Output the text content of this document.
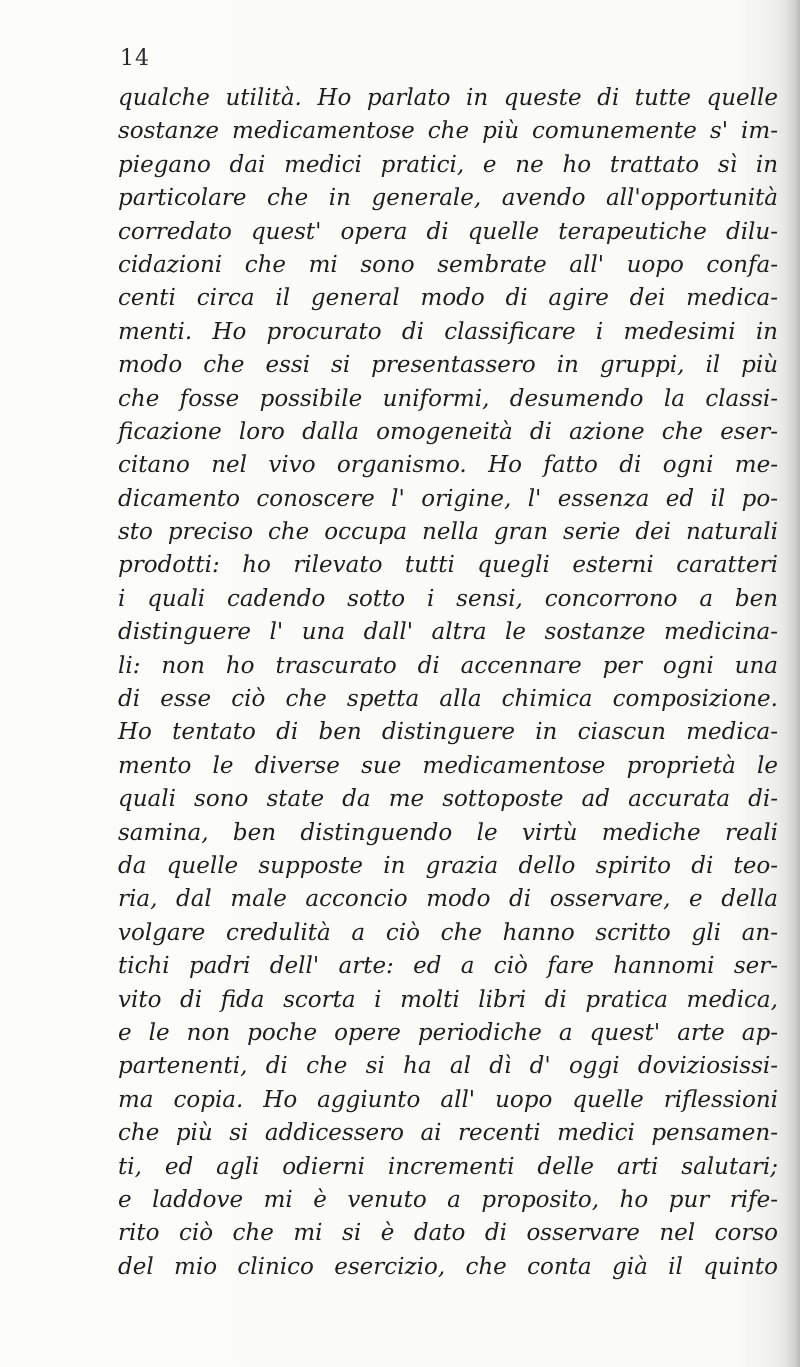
14
qualche utilità. Ho parlato in queste di tutte quelle
sostanze medicamentose che più comunemente s' im-
piegano dai medici pratici, e ne ho trattato sì in
particolare che in generale, avendo all'opportunità
corredato quest' opera di quelle terapeutiche dilu-
cidazioni che mi sono sembrate all' uopo confa-
centi circa il general modo di agire dei medica-
menti. Ho procurato di classificare i medesimi in
modo che essi si presentassero in gruppi, il più
che fosse possibile uniformi, desumendo la classi-
ficazione loro dalla omogeneità di azione che eser-
citano nel vivo organismo. Ho fatto di ogni me-
dicamento conoscere l' origine, l' essenza ed il po-
sto preciso che occupa nella gran serie dei naturali
prodotti: ho rilevato tutti quegli esterni caratteri
i quali cadendo sotto i sensi, concorrono a ben
distinguere l' una dall' altra le sostanze medicina-
li: non ho trascurato di accennare per ogni una
di esse ciò che spetta alla chimica composizione.
Ho tentato di ben distinguere in ciascun medica-
mento le diverse sue medicamentose proprietà le
quali sono state da me sottoposte ad accurata di-
samina, ben distinguendo le virtù mediche reali
da quelle supposte in grazia dello spirito di teo-
ria, dal male acconcio modo di osservare, e della
volgare credulità a ciò che hanno scritto gli an-
tichi padri dell' arte: ed a ciò fare hannomi ser-
vito di fida scorta i molti libri di pratica medica,
e le non poche opere periodiche a quest' arte ap-
partenenti, di che si ha al dì d' oggi doviziosissi-
ma copia. Ho aggiunto all' uopo quelle riflessioni
che più si addicessero ai recenti medici pensamen-
ti, ed agli odierni incrementi delle arti salutari;
e laddove mi è venuto a proposito, ho pur rife-
rito ciò che mi si è dato di osservare nel corso
del mio clinico esercizio, che conta già il quinto
